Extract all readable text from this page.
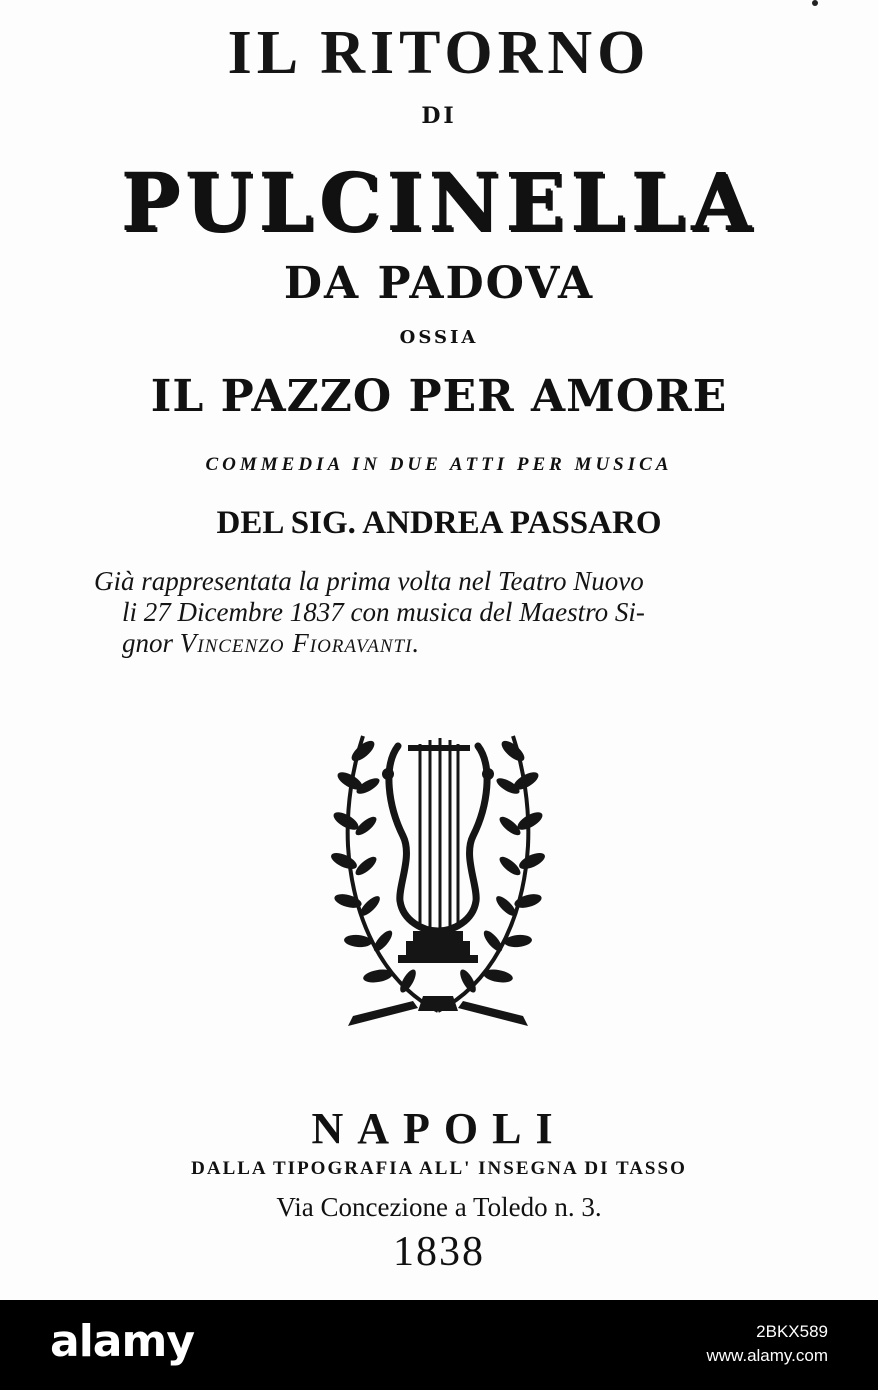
IL RITORNO
DI
PULCINELLA
DA PADOVA
OSSIA
IL PAZZO PER AMORE
COMMEDIA IN DUE ATTI PER MUSICA
DEL SIG. ANDREA PASSARO
Già rappresentata la prima volta nel Teatro Nuovo
li 27 Dicembre 1837 con musica del Maestro Si-
gnor Vincenzo Fioravanti.
NAPOLI
DALLA TIPOGRAFIA ALL' INSEGNA DI TASSO
Via Concezione a Toledo n. 3.
1838
alamy	2BKX589
www.alamy.com
